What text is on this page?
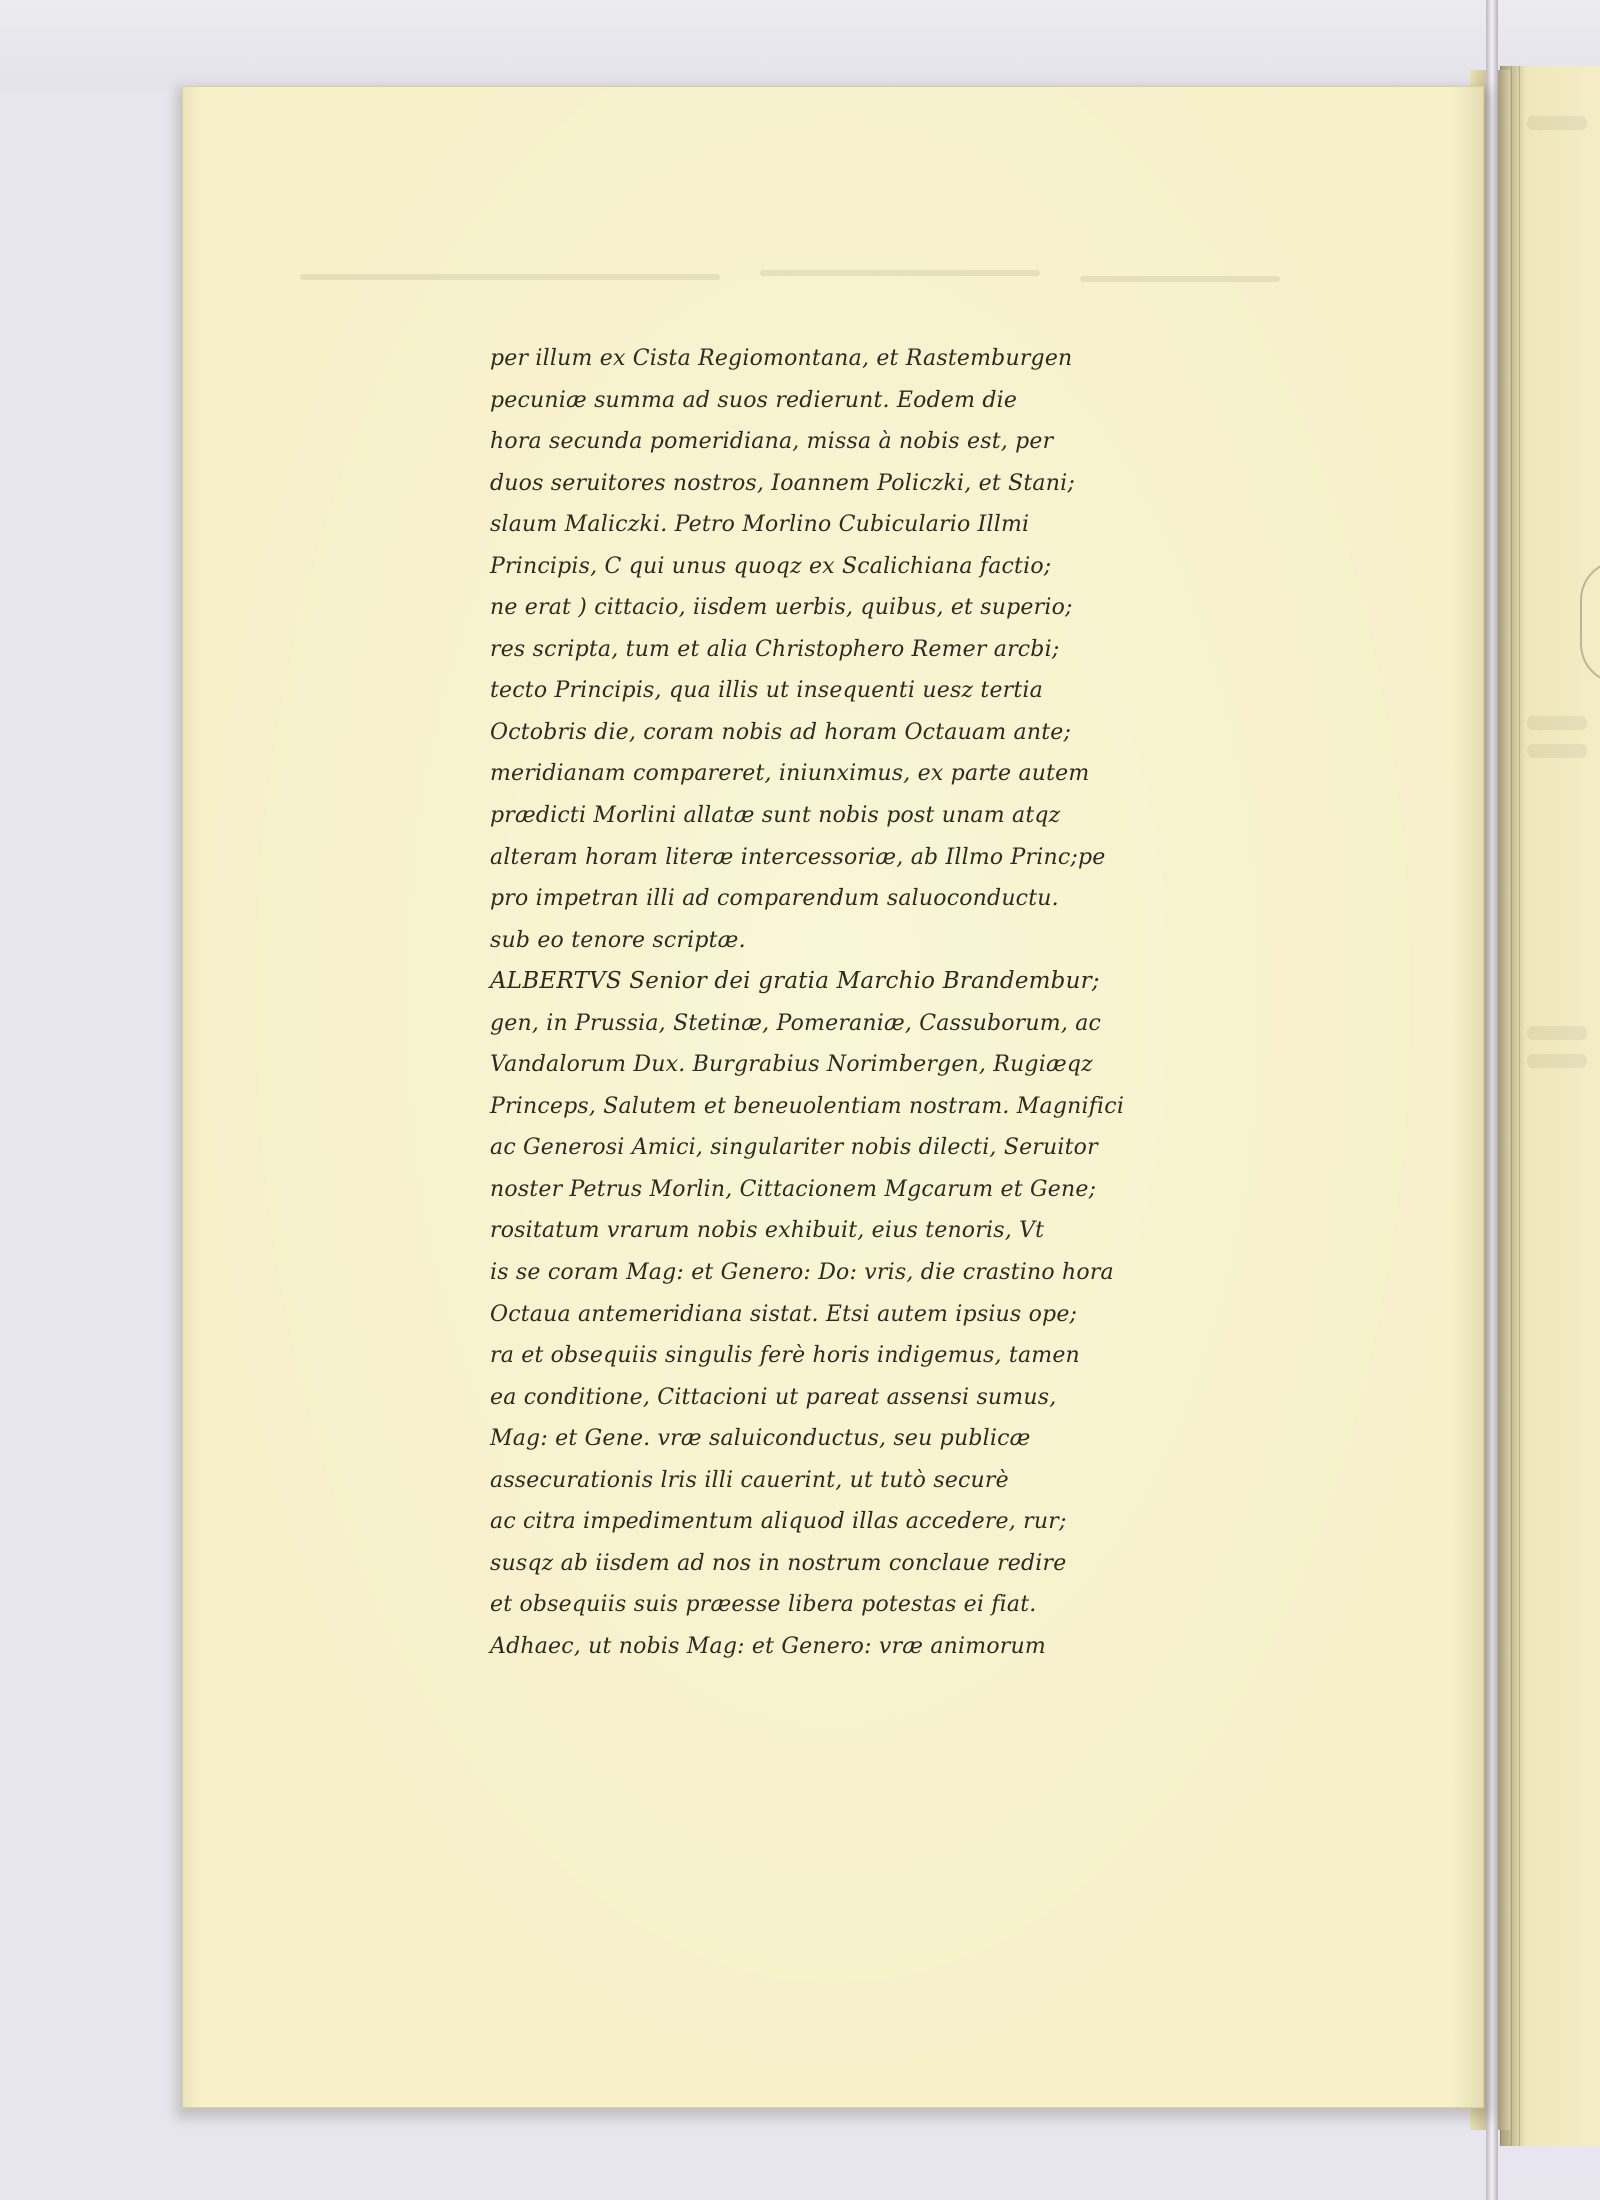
per illum ex Cista Regiomontana, et Rastemburgen
pecuniæ summa ad suos redierunt. Eodem die
hora secunda pomeridiana, missa à nobis est, per
duos seruitores nostros, Ioannem Policzki, et Stani;
slaum Maliczki. Petro Morlino Cubiculario Illmi
Principis, C qui unus quoqz ex Scalichiana factio;
ne erat ) cittacio, iisdem uerbis, quibus, et superio;
res scripta, tum et alia Christophero Remer arcbi;
tecto Principis, qua illis ut insequenti uesz tertia
Octobris die, coram nobis ad horam Octauam ante;
meridianam compareret, iniunximus, ex parte autem
prædicti Morlini allatæ sunt nobis post unam atqz
alteram horam literæ intercessoriæ, ab Illmo Princ;pe
pro impetran illi ad comparendum saluoconductu.
sub eo tenore scriptæ.
ALBERTVS Senior dei gratia Marchio Brandembur;
gen, in Prussia, Stetinæ, Pomeraniæ, Cassuborum, ac
Vandalorum Dux. Burgrabius Norimbergen, Rugiæqz
Princeps, Salutem et beneuolentiam nostram. Magnifici
ac Generosi Amici, singulariter nobis dilecti, Seruitor
noster Petrus Morlin, Cittacionem Mgcarum et Gene;
rositatum vrarum nobis exhibuit, eius tenoris, Vt
is se coram Mag: et Genero: Do: vris, die crastino hora
Octaua antemeridiana sistat. Etsi autem ipsius ope;
ra et obsequiis singulis ferè horis indigemus, tamen
ea conditione, Cittacioni ut pareat assensi sumus,
Mag: et Gene. vræ saluiconductus, seu publicæ
assecurationis lris illi cauerint, ut tutò securè
ac citra impedimentum aliquod illas accedere, rur;
susqz ab iisdem ad nos in nostrum conclaue redire
et obsequiis suis præesse libera potestas ei fiat.
Adhaec, ut nobis Mag: et Genero: vræ animorum
